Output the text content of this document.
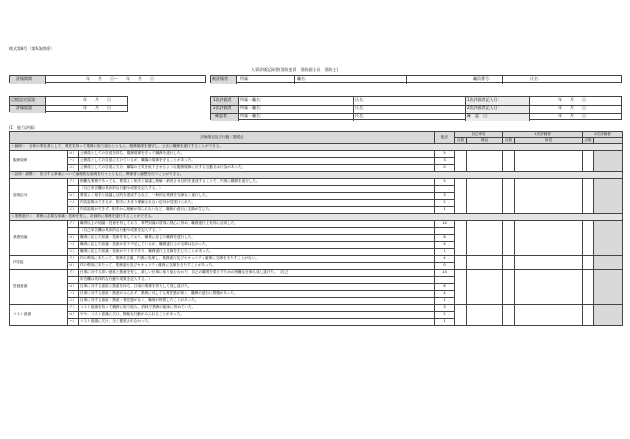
様式第8号（第6条関係）
人事評価記録書(消防吏員　消防副士長　消防士)
評価期間	年　　月　　日～　　年　　月　　日	被評価者	所属：	職名：	職員番号：	氏名：
目標設定面談	年　　月　　日
評価面談	年　　月　　日
1次評価者 所属・職名：	氏名：	1次評価者記入日：	年　　月　　日
2次評価者 所属・職名：	氏名：	2次評価者記入日：	年　　月　　日
確認者	所属・職名：	氏名：	確　認　日：	年　　月　　日
(1　能力評価)
評価項目及び行動／着眼点			配点	自己申告		1次評価者		2次評価者	
				点数	理由	点数	所見	点数	
＜倫理＞　全体の奉仕者として、責任を持って業務に取り組むとともに、服務規律を遵守し、公正に職務を遂行することができる。									
服務規律	ロ）	公務員としての自覚を持ち、服務規律を守って職務を遂行した。	5						
	ハ）	公務員としての自覚に欠けているが、職場の規律を守ることがあった。	3						
	ニ）	公務員としての自覚に欠け、職場の士気を低下させるような服務規律に反する言動又は行為があった。	0						
＜説明・調整＞　担当する事案について論理的な説明を行うとともに、関係者と調整を行うことができる。									
説明応対	イ）	困難な業務であっても、要領よく相手と協議し理解・納得させ目的を達成することで、円滑に職務を遂行した。	5						
		（自己申告欄は具体的な行動や成果を記入する。）							
	ロ）	要領よく相手と協議し目的を達成するなど、一般的な業務を支障なく遂行した。	3						
	ハ）	内容説明はできるが、相手にあまり理解されない応対が見受けられた。	2						
	ニ）	内容説明ができず、相手から理解が得られないなど、職務の遂行に支障が生じた。	1						
＜業務遂行＞　業務に必要な知識・技術を有し、計画的に業務を遂行することができる。									
業務知識	イ）	職責以上の知識・技術を有しており、専門知識の習得に熱心に努め、職務遂行上有効に活用した。	14						
		（自己申告欄は具体的な行動や成果を記入する。）							
	ロ）	職責に応じた知識・技術を有しており、職責に応じた職務を遂行した。	8						
	ハ）	職責に応じた知識・技術が若干不足しているが、職務遂行上の支障はなかった。	4						
	ニ）	職責に応じた知識・技術が不十分であり、職務遂行上支障を生じたことがあった。	1						
IT技能	イ）	ITの利用にあたって、業務を正確、円滑に処理し、業務遂行及びセキュリティ確保に支障をきたすことがない。	4						
	ロ）	ITの利用にあたって、業務遂行及びセキュリティ確保に支障をきたすことがあった。	0						
役割意識	イ）	仕事に対する高い意欲と熱意を有し、新しい仕事に取り組むなかで、自己の職責を果たすための困難な仕事も成し遂げた。（自己	14						
		申告欄は具体的な行動や成果を記入する。）							
	ロ）	仕事に対する意欲と熱意を持ち、日頃の業務を努力して成し遂げた。	8						
	ハ）	仕事に対する意欲・熱意がみられず、業務に対しても責任感が薄く、職務の遂行に問題があった。	4						
	ニ）	仕事に対する意欲・熱意・責任感がなく、職責が停滞したことがあった。	1						
コスト意識	イ）	コスト意識を持って職務に取り組み、消耗で業務の能率に努めていた。	3						
	ロ）	やや、コスト意識に欠け、無駄な行動がみられることがあった。	2						
	ハ）	コスト意識に欠け、全く徹底されなかった。	1						
